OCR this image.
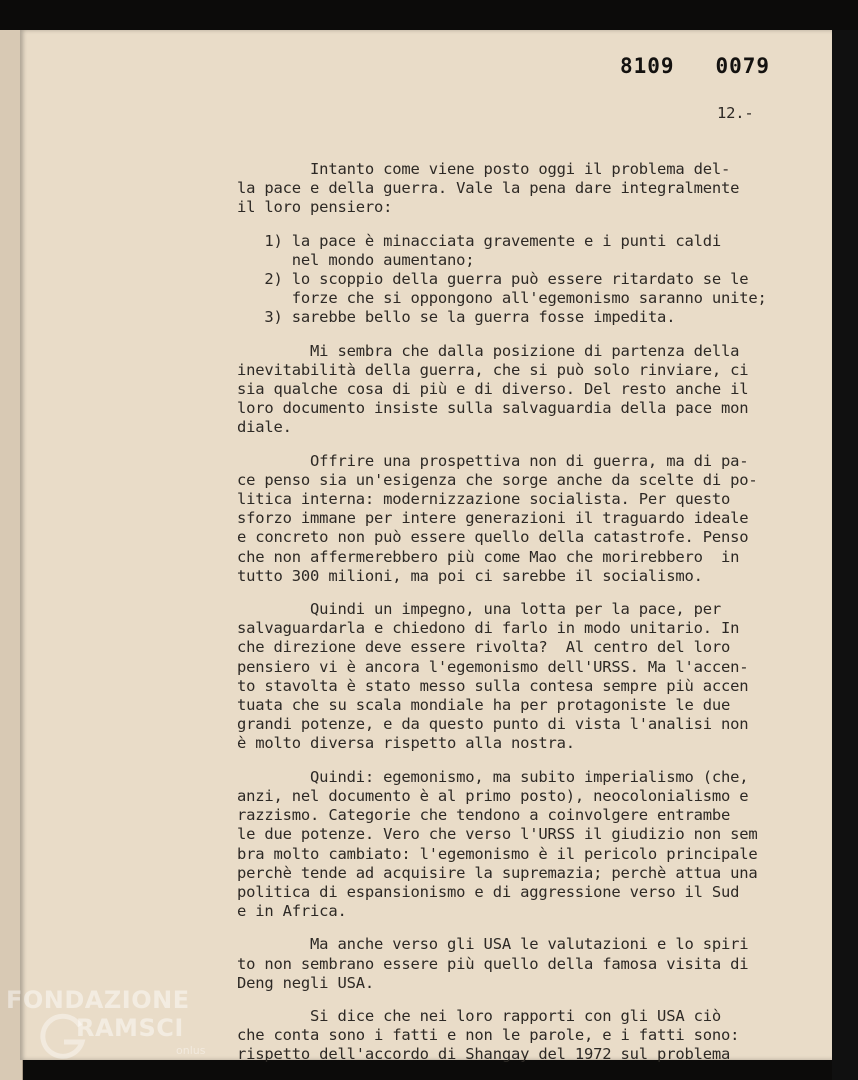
8109   0079
12.-
Intanto come viene posto oggi il problema del-
la pace e della guerra. Vale la pena dare integralmente
il loro pensiero:
1) la pace è minacciata gravemente e i punti caldi
nel mondo aumentano;
2) lo scoppio della guerra può essere ritardato se le
forze che si oppongono all'egemonismo saranno unite;
3) sarebbe bello se la guerra fosse impedita.
Mi sembra che dalla posizione di partenza della
inevitabilità della guerra, che si può solo rinviare, ci
sia qualche cosa di più e di diverso. Del resto anche il
loro documento insiste sulla salvaguardia della pace mon
diale.
Offrire una prospettiva non di guerra, ma di pa-
ce penso sia un'esigenza che sorge anche da scelte di po-
litica interna: modernizzazione socialista. Per questo
sforzo immane per intere generazioni il traguardo ideale
e concreto non può essere quello della catastrofe. Penso
che non affermerebbero più come Mao che morirebbero  in
tutto 300 milioni, ma poi ci sarebbe il socialismo.
Quindi un impegno, una lotta per la pace, per
salvaguardarla e chiedono di farlo in modo unitario. In
che direzione deve essere rivolta?  Al centro del loro
pensiero vi è ancora l'egemonismo dell'URSS. Ma l'accen-
to stavolta è stato messo sulla contesa sempre più accen
tuata che su scala mondiale ha per protagoniste le due
grandi potenze, e da questo punto di vista l'analisi non
è molto diversa rispetto alla nostra.
Quindi: egemonismo, ma subito imperialismo (che,
anzi, nel documento è al primo posto), neocolonialismo e
razzismo. Categorie che tendono a coinvolgere entrambe
le due potenze. Vero che verso l'URSS il giudizio non sem
bra molto cambiato: l'egemonismo è il pericolo principale
perchè tende ad acquisire la supremazia; perchè attua una
politica di espansionismo e di aggressione verso il Sud
e in Africa.
Ma anche verso gli USA le valutazioni e lo spiri
to non sembrano essere più quello della famosa visita di
Deng negli USA.
Si dice che nei loro rapporti con gli USA ciò
che conta sono i fatti e non le parole, e i fatti sono:
rispetto dell'accordo di Shangay del 1972 sul problema
FONDAZIONE
RAMSCI
onlus
